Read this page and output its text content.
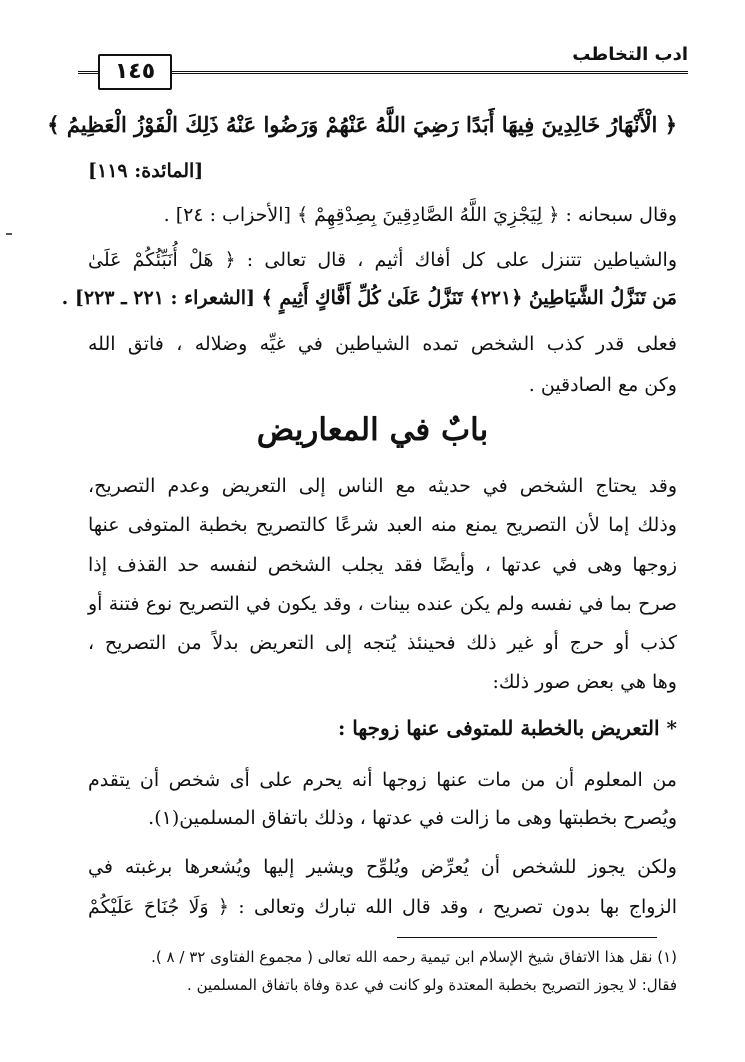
ادب التخاطب
١٤٥
﴿ الْأَنْهَارُ خَالِدِينَ فِيهَا أَبَدًا رَضِيَ اللَّهُ عَنْهُمْ وَرَضُوا عَنْهُ ذَلِكَ الْفَوْزُ الْعَظِيمُ ﴾
[المائدة: ١١٩]
وقال سبحانه : ﴿ لِيَجْزِيَ اللَّهُ الصَّادِقِينَ بِصِدْقِهِمْ ﴾ [الأحزاب : ٢٤] .
والشياطين تتنزل على كل أفاك أثيم ، قال تعالى : ﴿ هَلْ أُنَبِّئُكُمْ عَلَىٰ
مَن تَنَزَّلُ الشَّيَاطِينُ ﴿٢٢١﴾ تَنَزَّلُ عَلَىٰ كُلِّ أَفَّاكٍ أَثِيمٍ ﴾ [الشعراء : ٢٢١ ـ ٢٢٣] .
فعلى قدر كذب الشخص تمده الشياطين في غيِّه وضلاله ، فاتق الله
وكن مع الصادقين .
بابٌ في المعاريض
وقد يحتاج الشخص في حديثه مع الناس إلى التعريض وعدم التصريح،
وذلك إما لأن التصريح يمنع منه العبد شرعًا كالتصريح بخطبة المتوفى عنها
زوجها وهى في عدتها ، وأيضًا فقد يجلب الشخص لنفسه حد القذف إذا
صرح بما في نفسه ولم يكن عنده بينات ، وقد يكون في التصريح نوع فتنة أو
كذب أو حرج أو غير ذلك فحينئذ يُتجه إلى التعريض بدلاً من التصريح ،
وها هي بعض صور ذلك:
* التعريض بالخطبة للمتوفى عنها زوجها :
من المعلوم أن من مات عنها زوجها أنه يحرم على أى شخص أن يتقدم
ويُصرح بخطبتها وهى ما زالت في عدتها ، وذلك باتفاق المسلمين(١).
ولكن يجوز للشخص أن يُعرِّض ويُلوِّح ويشير إليها ويُشعرها برغبته في
الزواج بها بدون تصريح ، وقد قال الله تبارك وتعالى : ﴿ وَلَا جُنَاحَ عَلَيْكُمْ
(١) نقل هذا الاتفاق شيخ الإسلام ابن تيمية رحمه الله تعالى ( مجموع الفتاوى ٣٢ / ٨ ).
فقال: لا يجوز التصريح بخطبة المعتدة ولو كانت في عدة وفاة باتفاق المسلمين .
